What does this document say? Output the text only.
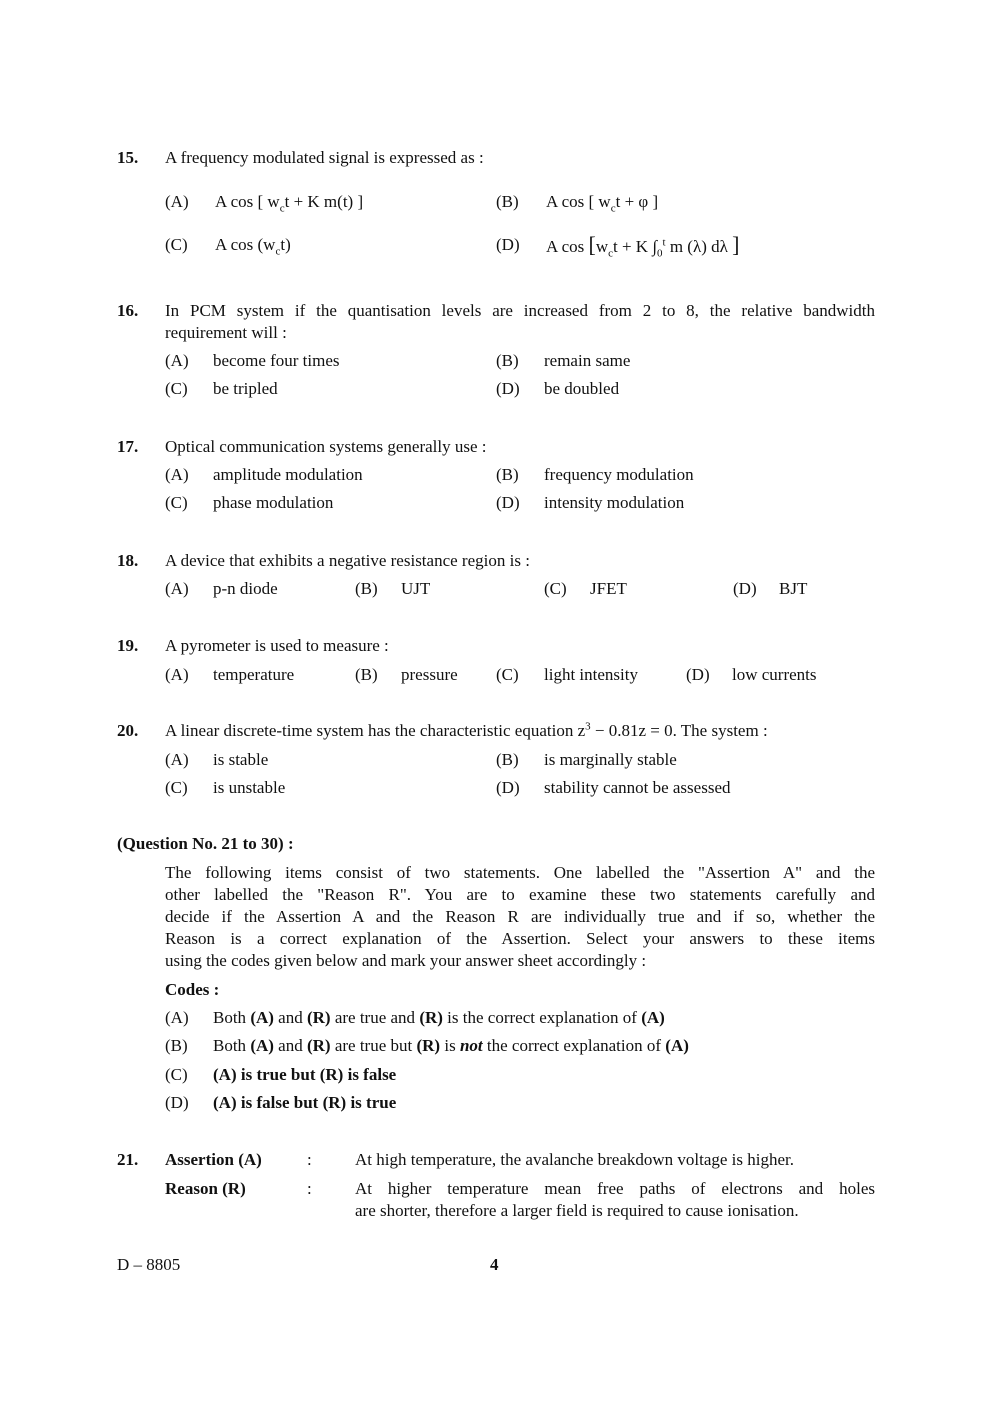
15. A frequency modulated signal is expressed as :
(A) A cos [ $w_ct + K$ m(t) ]	(B) A cos [ $w_ct + \varphi$ ]
(C) A $\cos (w_ct)$	(D) A $\cos [w_ct + K$ $\int_0^t$ m (λ) dλ ]
16. In PCM system if the quantisation levels are increased from 2 to 8, the relative bandwidth
requirement will :
(A) become four times	(B) remain same
(C) be tripled	(D) be doubled
17. Optical communication systems generally use :
(A) amplitude modulation	(B) frequency modulation
(C) phase modulation	(D) intensity modulation
18. A device that exhibits a negative resistance region is :
(A) p-n diode	(B) UJT	(C) JFET	(D) BJT
19. A pyrometer is used to measure :
(A) temperature	(B) pressure (C) light intensity	(D) low currents
20. A linear discrete-time system has the characteristic equation $z^3 - 0.81z = 0$. The system :
(A) is stable	(B) is marginally stable
(C) is unstable	(D) stability cannot be assessed
(Question No. 21 to 30) :
The following items consist of two statements. One labelled the "Assertion A" and the
other labelled the "Reason R". You are to examine these two statements carefully and
decide if the Assertion A and the Reason R are individually true and if so, whether the
Reason is a correct explanation of the Assertion. Select your answers to these items
using the codes given below and mark your answer sheet accordingly :
Codes :
(A) Both (A) and (R) are true and (R) is the correct explanation of (A)
(B) Both (A) and (R) are true but (R) is not the correct explanation of (A)
(C) (A) is true but (R) is false
(D) (A) is false but (R) is true
21. Assertion (A)	:	At high temperature, the avalanche breakdown voltage is higher.
Reason (R)	:	At higher temperature mean free paths of electrons and holes
are shorter, therefore a larger field is required to cause ionisation.
D – 8805	4
